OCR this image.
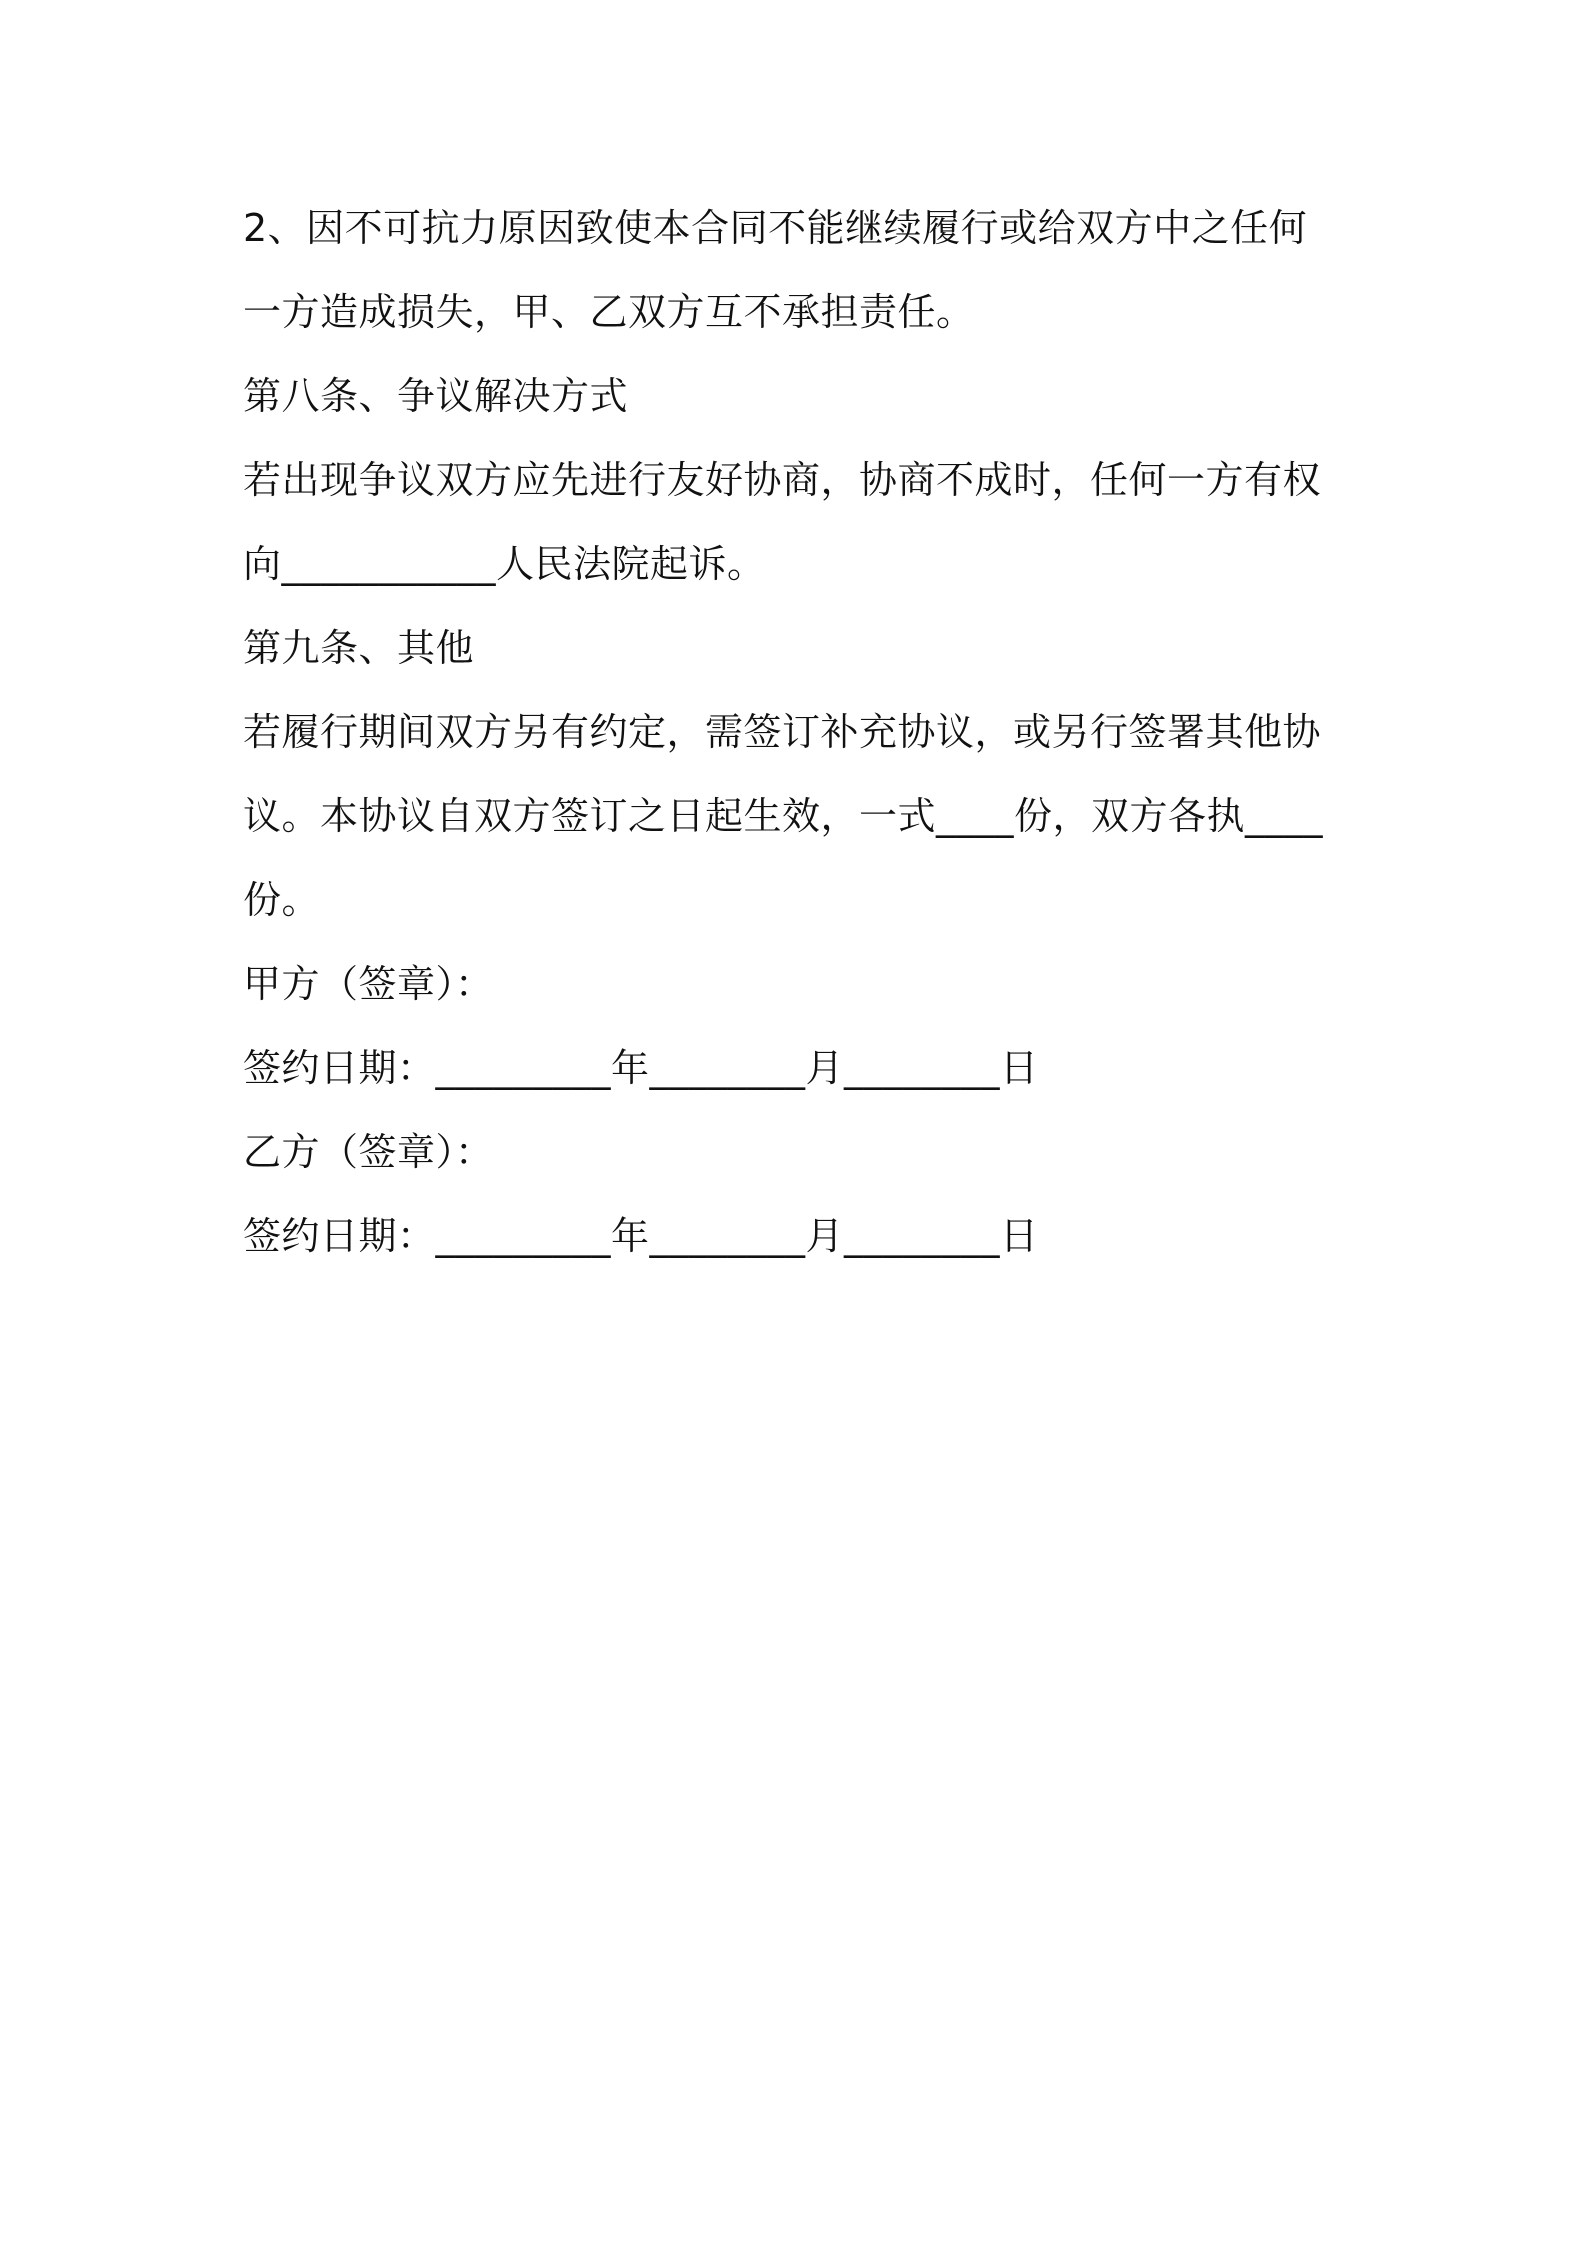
2、因不可抗力原因致使本合同不能继续履行或给双方中之任何
一方造成损失，甲、乙双方互不承担责任。
第八条、争议解决方式
若出现争议双方应先进行友好协商，协商不成时，任何一方有权
向___________人民法院起诉。
第九条、其他
若履行期间双方另有约定，需签订补充协议，或另行签署其他协
议。本协议自双方签订之日起生效，一式____份，双方各执____
份。
甲方（签章）：
签约日期：_________年________月________日
乙方（签章）：
签约日期：_________年________月________日
